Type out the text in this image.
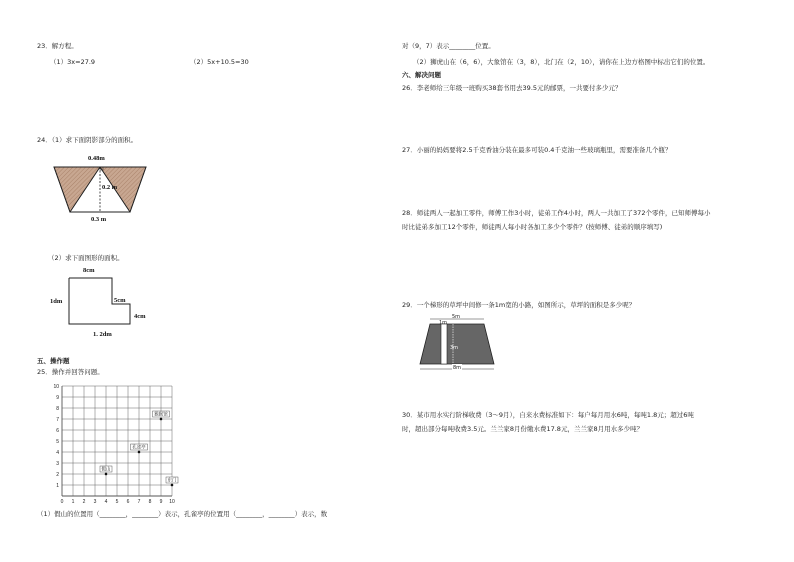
23．解方程。
（1）3x=27.9	（2）5x+10.5=30
24．（1）求下面阴影部分的面积。
0.48m
0.2 m
0.3 m
（2）求下面图形的面积。
8cm
1dm	5cm
4cm
1. 2dm
五、操作题
25．操作并回答问题。
0 1 2 3 4 5 6 7 8 9 10
1
2
3
4
5
6
7
8
9
10
假山
孔雀亭
猴猴馆
东门
（1）假山的位置用（________，________）表示，孔雀亭的位置用（________，________）表示，数
对（9，7）表示________位置。
（2）狮虎山在（6，6），大象馆在（3，8），北门在（2，10），请你在上边方格图中标出它们的位置。
六、解决问题
26．李老师给三年级一班购买38套书用去39.5元的邮票，一共要付多少元？
27．小丽的妈妈要将2.5千克香油分装在最多可装0.4千克油一些玻璃瓶里，需要准备几个瓶？
28．师徒两人一起加工零件，师傅工作3小时，徒弟工作4小时，两人一共加工了372个零件，已知师傅每小
时比徒弟多加工12个零件，师徒两人每小时各加工多少个零件？(按师傅、徒弟的顺序填写)
29．一个梯形的草坪中间修一条1m宽的小路，如图所示，草坪的面积是多少呢？
5m
1m
3m
8m
30．某市用水实行阶梯收费（3～9月），自来水费标准如下：每户每月用水6吨，每吨1.8元；超过6吨
时，超出部分每吨收费3.5元。兰兰家8月份缴水费17.8元，兰兰家8月用水多少吨？
